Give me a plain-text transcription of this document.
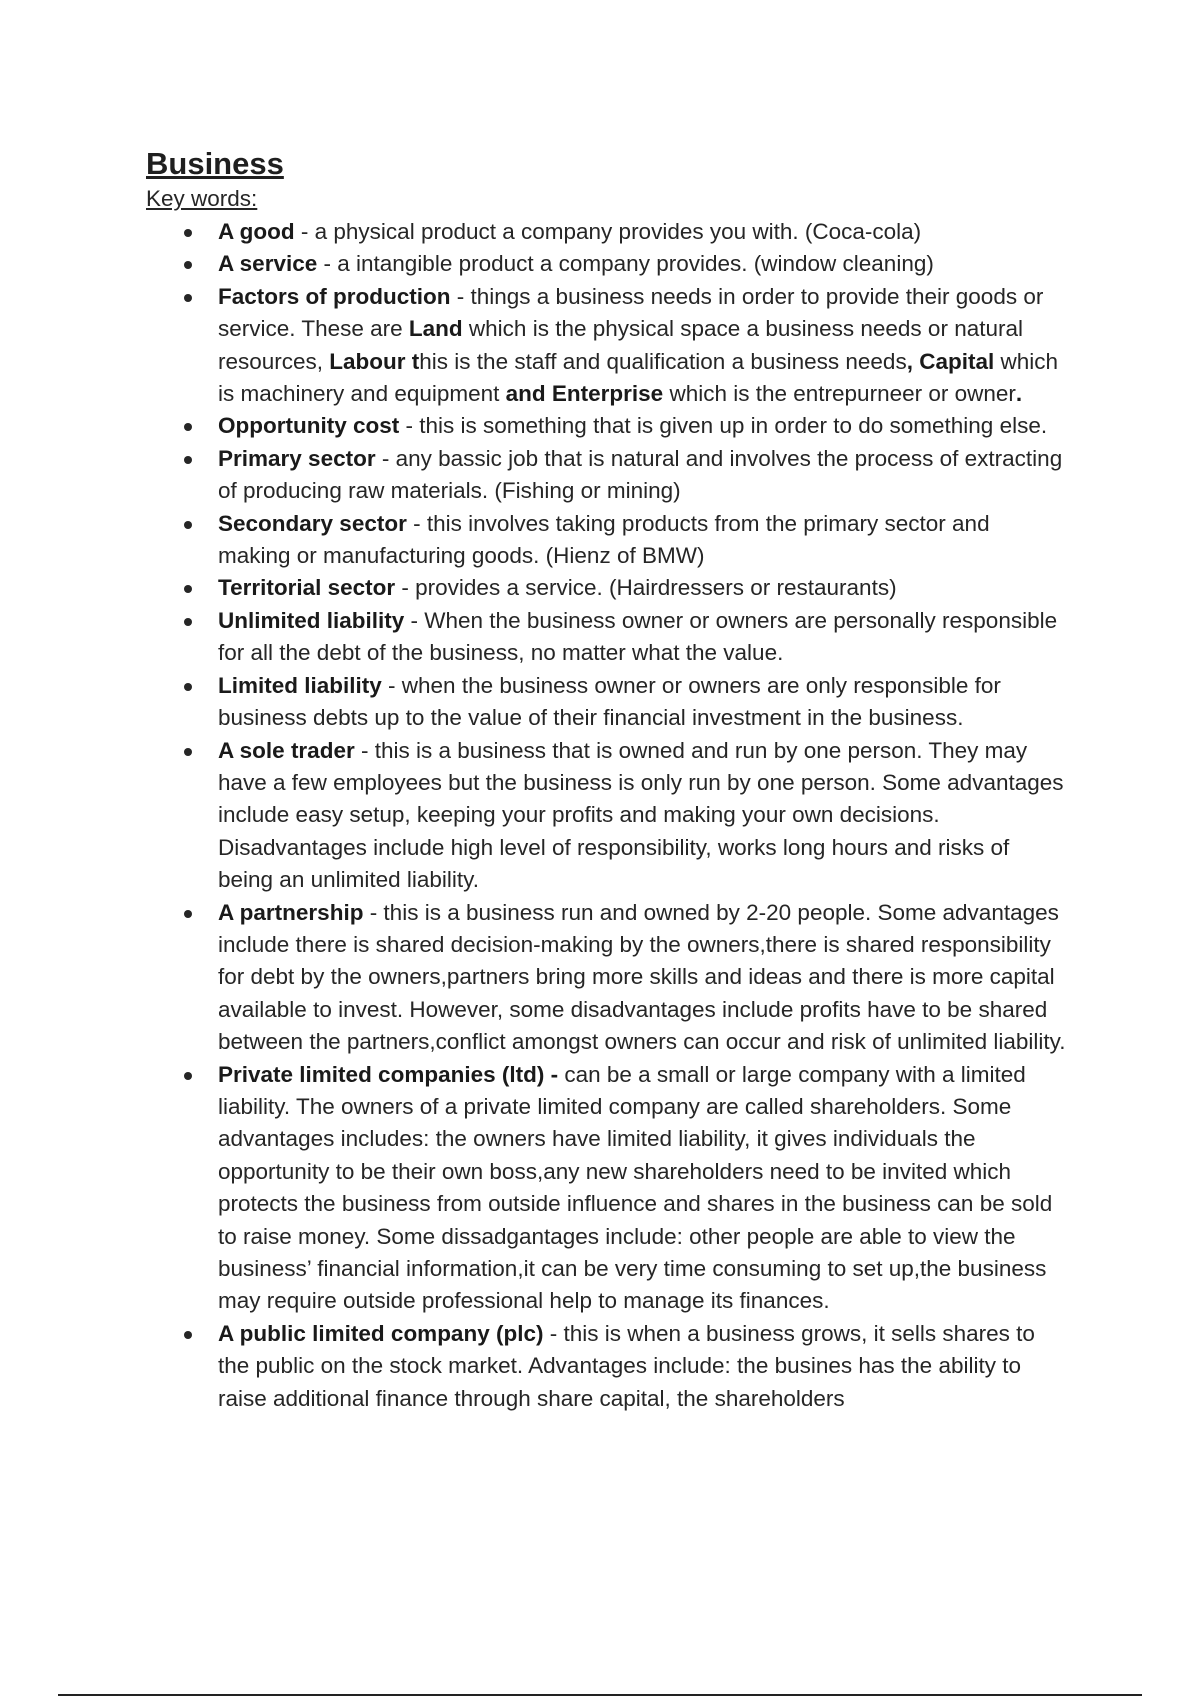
Business

Key words:

A good - a physical product a company provides you with. (Coca-cola)
A service - a intangible product a company provides. (window cleaning)
Factors of production - things a business needs in order to provide their goods or service. These are Land which is the physical space a business needs or natural resources, Labour this is the staff and qualification a business needs, Capital which is machinery and equipment and Enterprise which is the entrepurneer or owner.
Opportunity cost - this is something that is given up in order to do something else.
Primary sector - any bassic job that is natural and involves the process of extracting of producing raw materials. (Fishing or mining)
Secondary sector - this involves taking products from the primary sector and making or manufacturing goods. (Hienz of BMW)
Territorial sector - provides a service. (Hairdressers or restaurants)
Unlimited liability - When the business owner or owners are personally responsible for all the debt of the business, no matter what the value.
Limited liability - when the business owner or owners are only responsible for business debts up to the value of their financial investment in the business.
A sole trader - this is a business that is owned and run by one person. They may have a few employees but the business is only run by one person. Some advantages include easy setup, keeping your profits and making your own decisions. Disadvantages include high level of responsibility, works long hours and risks of being an unlimited liability.
A partnership - this is a business run and owned by 2-20 people. Some advantages include there is shared decision-making by the owners,there is shared responsibility for debt by the owners,partners bring more skills and ideas and there is more capital available to invest. However, some disadvantages include profits have to be shared between the partners,conflict amongst owners can occur and risk of unlimited liability.
Private limited companies (ltd) - can be a small or large company with a limited liability. The owners of a private limited company are called shareholders. Some advantages includes: the owners have limited liability, it gives individuals the opportunity to be their own boss,any new shareholders need to be invited which protects the business from outside influence and shares in the business can be sold to raise money. Some dissadgantages include: other people are able to view the business’ financial information,it can be very time consuming to set up,the business may require outside professional help to manage its finances.
A public limited company (plc) - this is when a business grows, it sells shares to the public on the stock market. Advantages include: the busines has the ability to raise additional finance through share capital, the shareholders
